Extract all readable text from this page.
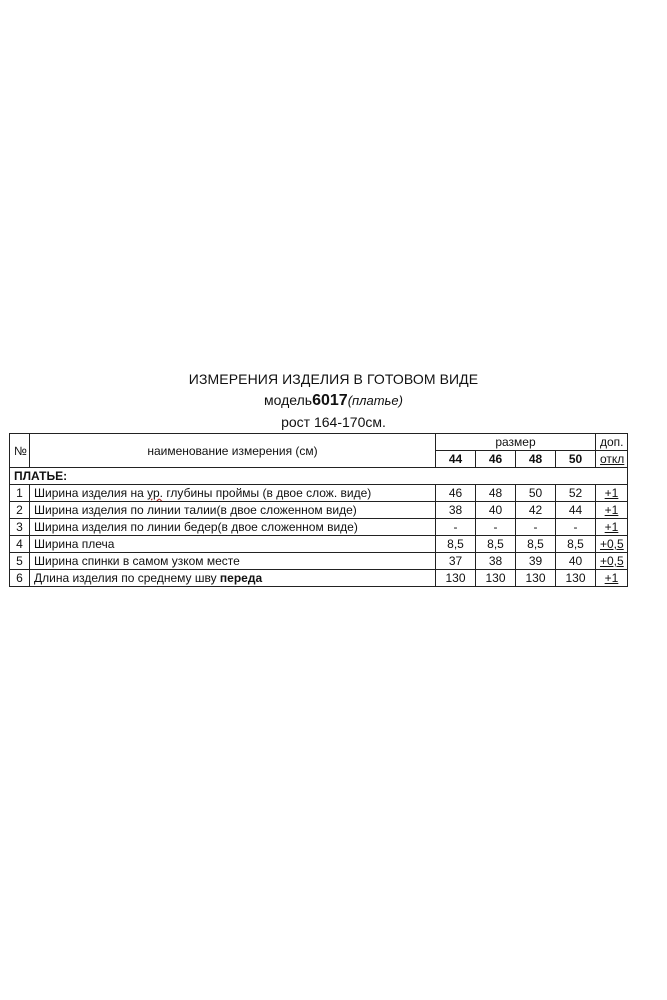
ИЗМЕРЕНИЯ ИЗДЕЛИЯ В ГОТОВОМ ВИДЕ
модель6017(платье)
рост 164-170см.
№	наименование измерения (см)	размер				доп.
		44	46	48	50	откл
ПЛАТЬЕ:						
1	Ширина изделия на ур. глубины проймы (в двое слож. виде)	46	48	50	52	+1
2	Ширина изделия по линии талии(в двое сложенном виде)	38	40	42	44	+1
3	Ширина изделия по линии бедер(в двое сложенном виде)	-	-	-	-	+1
4	Ширина плеча	8,5	8,5	8,5	8,5	+0,5
5	Ширина спинки в самом узком месте	37	38	39	40	+0,5
6	Длина изделия по среднему шву переда	130	130	130	130	+1
